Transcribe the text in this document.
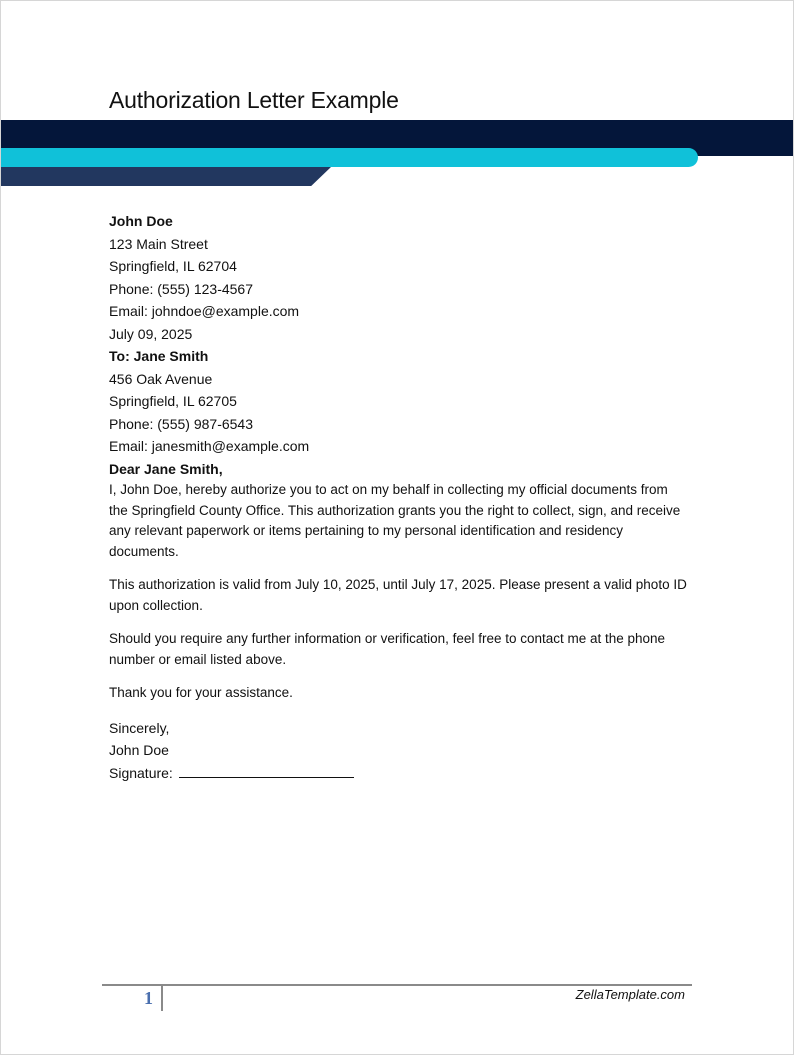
Authorization Letter Example

John Doe

123 Main Street

Springfield, IL 62704

Phone: (555) 123-4567

Email: johndoe@example.com

July 09, 2025

To: Jane Smith

456 Oak Avenue

Springfield, IL 62705

Phone: (555) 987-6543

Email: janesmith@example.com

Dear Jane Smith,

I, John Doe, hereby authorize you to act on my behalf in collecting my official documents from the Springfield County Office. This authorization grants you the right to collect, sign, and receive any relevant paperwork or items pertaining to my personal identification and residency documents.

This authorization is valid from July 10, 2025, until July 17, 2025. Please present a valid photo ID upon collection.

Should you require any further information or verification, feel free to contact me at the phone number or email listed above.

Thank you for your assistance.

Sincerely,

John Doe

Signature:

1	ZellaTemplate.com
